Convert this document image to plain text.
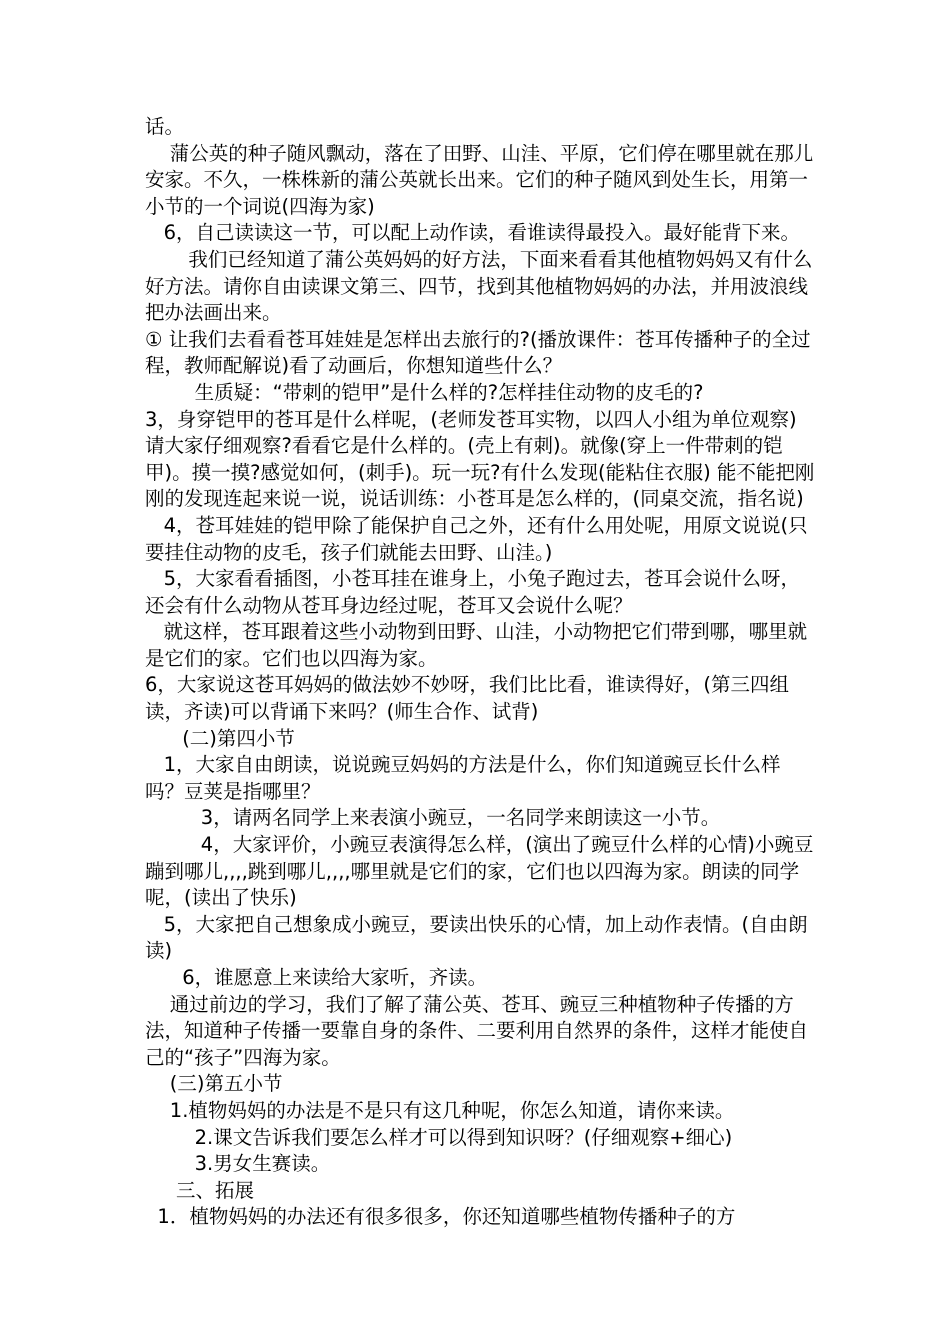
话。

蒲公英的种子随风飘动，落在了田野、山洼、平原，它们停在哪里就在那儿安家。不久，一株株新的蒲公英就长出来。它们的种子随风到处生长，用第一小节的一个词说(四海为家)

6，自己读读这一节，可以配上动作读，看谁读得最投入。最好能背下来。

我们已经知道了蒲公英妈妈的好方法，下面来看看其他植物妈妈又有什么好方法。请你自由读课文第三、四节，找到其他植物妈妈的办法，并用波浪线把办法画出来。

① 让我们去看看苍耳娃娃是怎样出去旅行的?(播放课件：苍耳传播种子的全过程，教师配解说)看了动画后，你想知道些什么？

生质疑：“带刺的铠甲”是什么样的?怎样挂住动物的皮毛的?

3，身穿铠甲的苍耳是什么样呢，(老师发苍耳实物，以四人小组为单位观察)请大家仔细观察?看看它是什么样的。(壳上有刺)。就像(穿上一件带刺的铠甲)。摸一摸?感觉如何，(刺手)。玩一玩?有什么发现(能粘住衣服) 能不能把刚刚的发现连起来说一说，说话训练：小苍耳是怎么样的，(同桌交流，指名说)

4，苍耳娃娃的铠甲除了能保护自己之外，还有什么用处呢，用原文说说(只要挂住动物的皮毛，孩子们就能去田野、山洼。)

5，大家看看插图，小苍耳挂在谁身上，小兔子跑过去，苍耳会说什么呀，还会有什么动物从苍耳身边经过呢，苍耳又会说什么呢？

就这样，苍耳跟着这些小动物到田野、山洼，小动物把它们带到哪，哪里就是它们的家。它们也以四海为家。

6，大家说这苍耳妈妈的做法妙不妙呀，我们比比看，谁读得好，(第三四组读，齐读)可以背诵下来吗？(师生合作、试背)

(二)第四小节

1，大家自由朗读，说说豌豆妈妈的方法是什么，你们知道豌豆长什么样吗？豆荚是指哪里？

3，请两名同学上来表演小豌豆，一名同学来朗读这一小节。

4，大家评价，小豌豆表演得怎么样，(演出了豌豆什么样的心情)小豌豆蹦到哪儿,,,,跳到哪儿,,,,哪里就是它们的家，它们也以四海为家。朗读的同学呢，(读出了快乐)

5，大家把自己想象成小豌豆，要读出快乐的心情，加上动作表情。(自由朗读)

6，谁愿意上来读给大家听，齐读。

通过前边的学习，我们了解了蒲公英、苍耳、豌豆三种植物种子传播的方法，知道种子传播一要靠自身的条件、二要利用自然界的条件，这样才能使自己的“孩子”四海为家。

(三)第五小节

1.植物妈妈的办法是不是只有这几种呢，你怎么知道，请你来读。

2.课文告诉我们要怎么样才可以得到知识呀？(仔细观察+细心)

3.男女生赛读。

三、拓展

1．植物妈妈的办法还有很多很多，你还知道哪些植物传播种子的方
